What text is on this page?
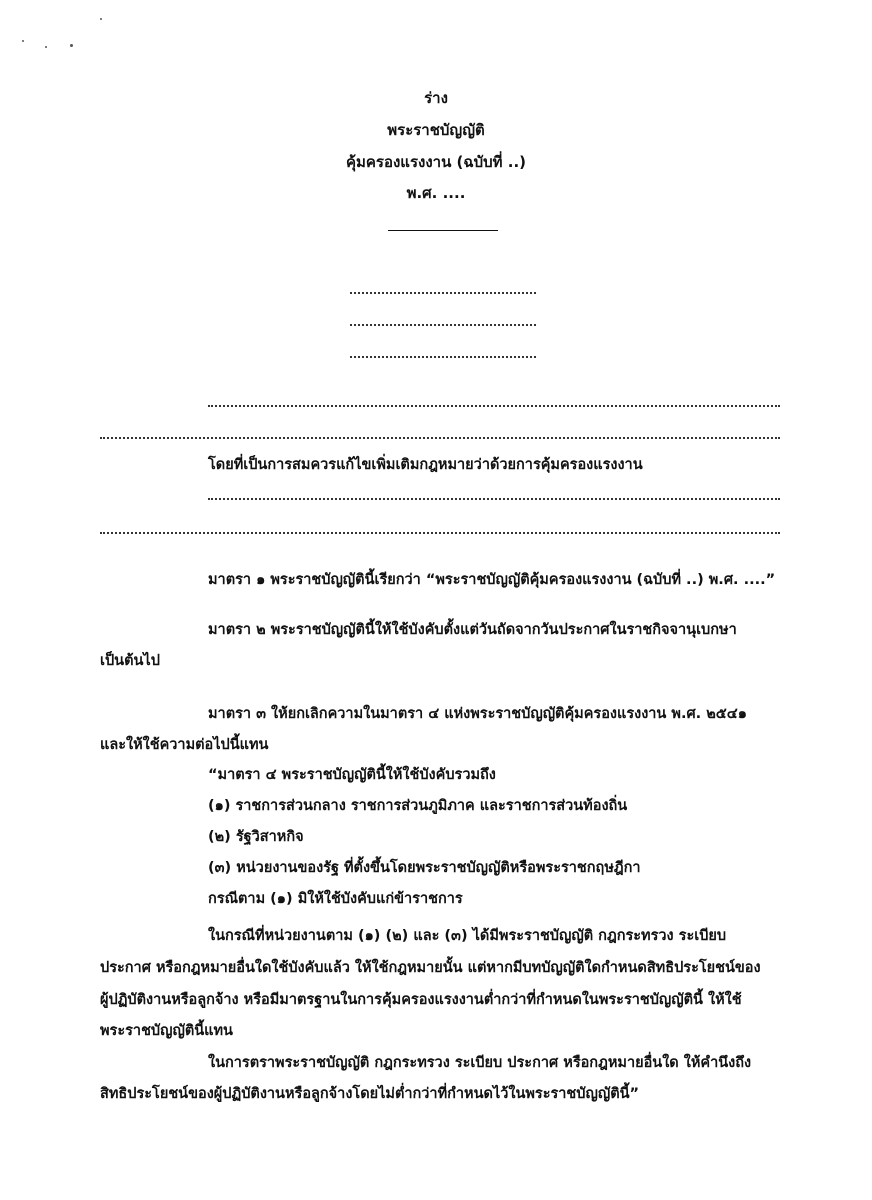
ร่าง
พระราชบัญญัติ
คุ้มครองแรงงาน (ฉบับที่ ..)
พ.ศ. ....
โดยที่เป็นการสมควรแก้ไขเพิ่มเติมกฎหมายว่าด้วยการคุ้มครองแรงงาน
มาตรา ๑ พระราชบัญญัตินี้เรียกว่า “พระราชบัญญัติคุ้มครองแรงงาน (ฉบับที่ ..) พ.ศ. ....”
มาตรา ๒ พระราชบัญญัตินี้ให้ใช้บังคับตั้งแต่วันถัดจากวันประกาศในราชกิจจานุเบกษา
เป็นต้นไป
มาตรา ๓ ให้ยกเลิกความในมาตรา ๔ แห่งพระราชบัญญัติคุ้มครองแรงงาน พ.ศ. ๒๕๔๑
และให้ใช้ความต่อไปนี้แทน
“มาตรา ๔ พระราชบัญญัตินี้ให้ใช้บังคับรวมถึง
(๑) ราชการส่วนกลาง ราชการส่วนภูมิภาค และราชการส่วนท้องถิ่น
(๒) รัฐวิสาหกิจ
(๓) หน่วยงานของรัฐ ที่ตั้งขึ้นโดยพระราชบัญญัติหรือพระราชกฤษฎีกา
กรณีตาม (๑) มิให้ใช้บังคับแก่ข้าราชการ
ในกรณีที่หน่วยงานตาม (๑) (๒) และ (๓) ได้มีพระราชบัญญัติ กฎกระทรวง ระเบียบ
ประกาศ หรือกฎหมายอื่นใดใช้บังคับแล้ว ให้ใช้กฎหมายนั้น แต่หากมีบทบัญญัติใดกำหนดสิทธิประโยชน์ของ
ผู้ปฏิบัติงานหรือลูกจ้าง หรือมีมาตรฐานในการคุ้มครองแรงงานต่ำกว่าที่กำหนดในพระราชบัญญัตินี้ ให้ใช้
พระราชบัญญัตินี้แทน
ในการตราพระราชบัญญัติ กฎกระทรวง ระเบียบ ประกาศ หรือกฎหมายอื่นใด ให้คำนึงถึง
สิทธิประโยชน์ของผู้ปฏิบัติงานหรือลูกจ้างโดยไม่ต่ำกว่าที่กำหนดไว้ในพระราชบัญญัตินี้”
